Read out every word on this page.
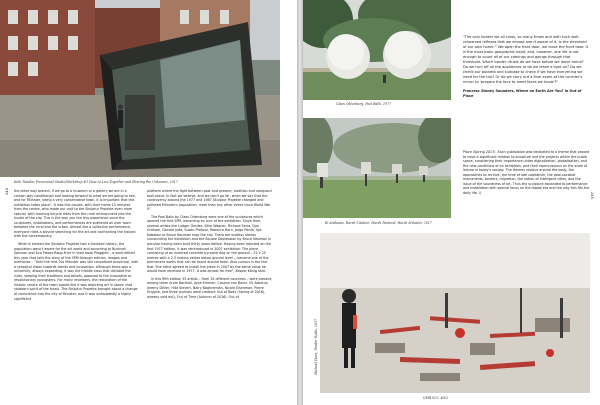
244
Koki Tanaka, Provisional Studio/Workshop #1 How to Live Together and Sharing the Unknown, 2017

the other way around. If we go to a museum or a gallery we are in a certain way conditioned and looking forward to what we are going to see, and for Münster, being a very conservative town, it is important that this exhibition takes place". It was this couple, with their home 15 minutes from the centre, who made our visit to the Skulptur Projekte even more special, with morning bicycle rides from the rural environment into the hustle of the city. This is the way you live this experience since the sculptures, installations, and performances are scattered all over town between the rural and the urban. Almost like a collective performance, everyone rides a bicycle searching for the art and confronting the historic with the contemporary.

When it started the Skulptur Projekte had a troubled history, the population wasn't aware for the art world and according to Bucknell Spinnen and Eva Pieper-Rapp-Frick in their book Ploggied – a work edited this year that tells the story of the SPM through articles, images and memories – "Until the mid-70s Münster was still considered provincial, with a sceptical vision towards trends and innovation. Although there was a university, always expanding, it was the middle class that dictated the rules, seeping their traditions and beliefs, opposed to the innovative or revolutionary youngsters. For many reviewers, the restoration of the historic centre of the town looked like it was depicting art in stone: that stubborn spirit of the locals. The Skulptur Projekte brought about a change of conscience into the city of Münster, and it was undoubtedly a highly significant

platform where the fight between past and present, tradition and vanguard took place. In fact we believe, and we don't go far, when we say that the controversy around the 1977 and 1987 Skulptur Projekte changed and polished Münster's population, more than any other event since World War II".

The Pool Balls by Claes Oldenburg were one of the sculptures which opened the first SPM, becoming an icon of the exhibition. Since then, several artists like Ludger Gerdes, Silke Wagner, Richard Serra, Dan Graham, Donald Judd, Susan Philipsz, Rebecca Horn, Jorge Pardo, Ilya Kabakov or Bruce Nauman map the city. There are endless stories surrounding the exhibition and the Square Depression by Bruce Nauman is peculiar having been built thirty years before. Having been rejected on the first 1977 edition, it was reintroduced in 2007 exhibition. The piece, consisting of an inverted concrete pyramid dug on the ground – 25 x 25 metres with a 2.3 meters vertex below ground level –, became one of the permanent works that can be found around town. Also curious is the fact that "the artist agreed to install the piece in 2007 by the same value he would have received in 1977. It was almost for free", Kasper König said.

In this fifth edition 35 artists – from 19 different countries – were present, among them Aram Bartholl, Ayse Erkmen, Cosima von Bonin, Eli Asbetus, Jeremy Deller, Hito Steyerl, Nairy Baghramian, Nicole Eisenman, Pierre Huyghe, and three journals were created: Out of Body (Spring of 2016), already sold out), Out of Time (Autumn of 2016), Out of

245
Claes Oldenburg, Pool Balls, 1977
"The only border we all cross, so many times and with such well-rehearsed reflexes that we almost aren't aware of it, is the threshold of our own home."ⁱ We open the front door, we close the front door. It is the most basic geographic habit, and, however, one life is not enough to count all of our comings and goings through that threshold. Which border rituals do we have before we leave home? Do we turn off all the appliances or do we leave a light on? Do we check our pockets and suitcase to check if we have everything we need for the trip? Or do we carry out a final exam at the corridor's mirror to 'prepare the face to meet faces we know'?"
Francesc Stoney Saunders, Where on Earth Are You? in Out of Place
Ei Arakawa, Harsh Citation, Harsh Pastoral, Harsh Münster, 2017

Place (Spring 2017). Each publication was dedicated to a theme that proved to have a significant relation to sculpture and the projects within the public space, considering their importance under digitalization, globalization, and the new conditions of an exhibition, and their repercussions on the scale of leisure in today's society. The themes revolve around the body, the approaches to archive, the time of late capitalism, the post-socialist monuments, borders, migration, the notion of intelligent cities, and the issue of the soundness of art. Thus the sculpture expanded to performance and installation with special focus on the digital era and the way this fits the daily life. //

Michael Dean, Tender Radio, 2017
UMBIGO #62
